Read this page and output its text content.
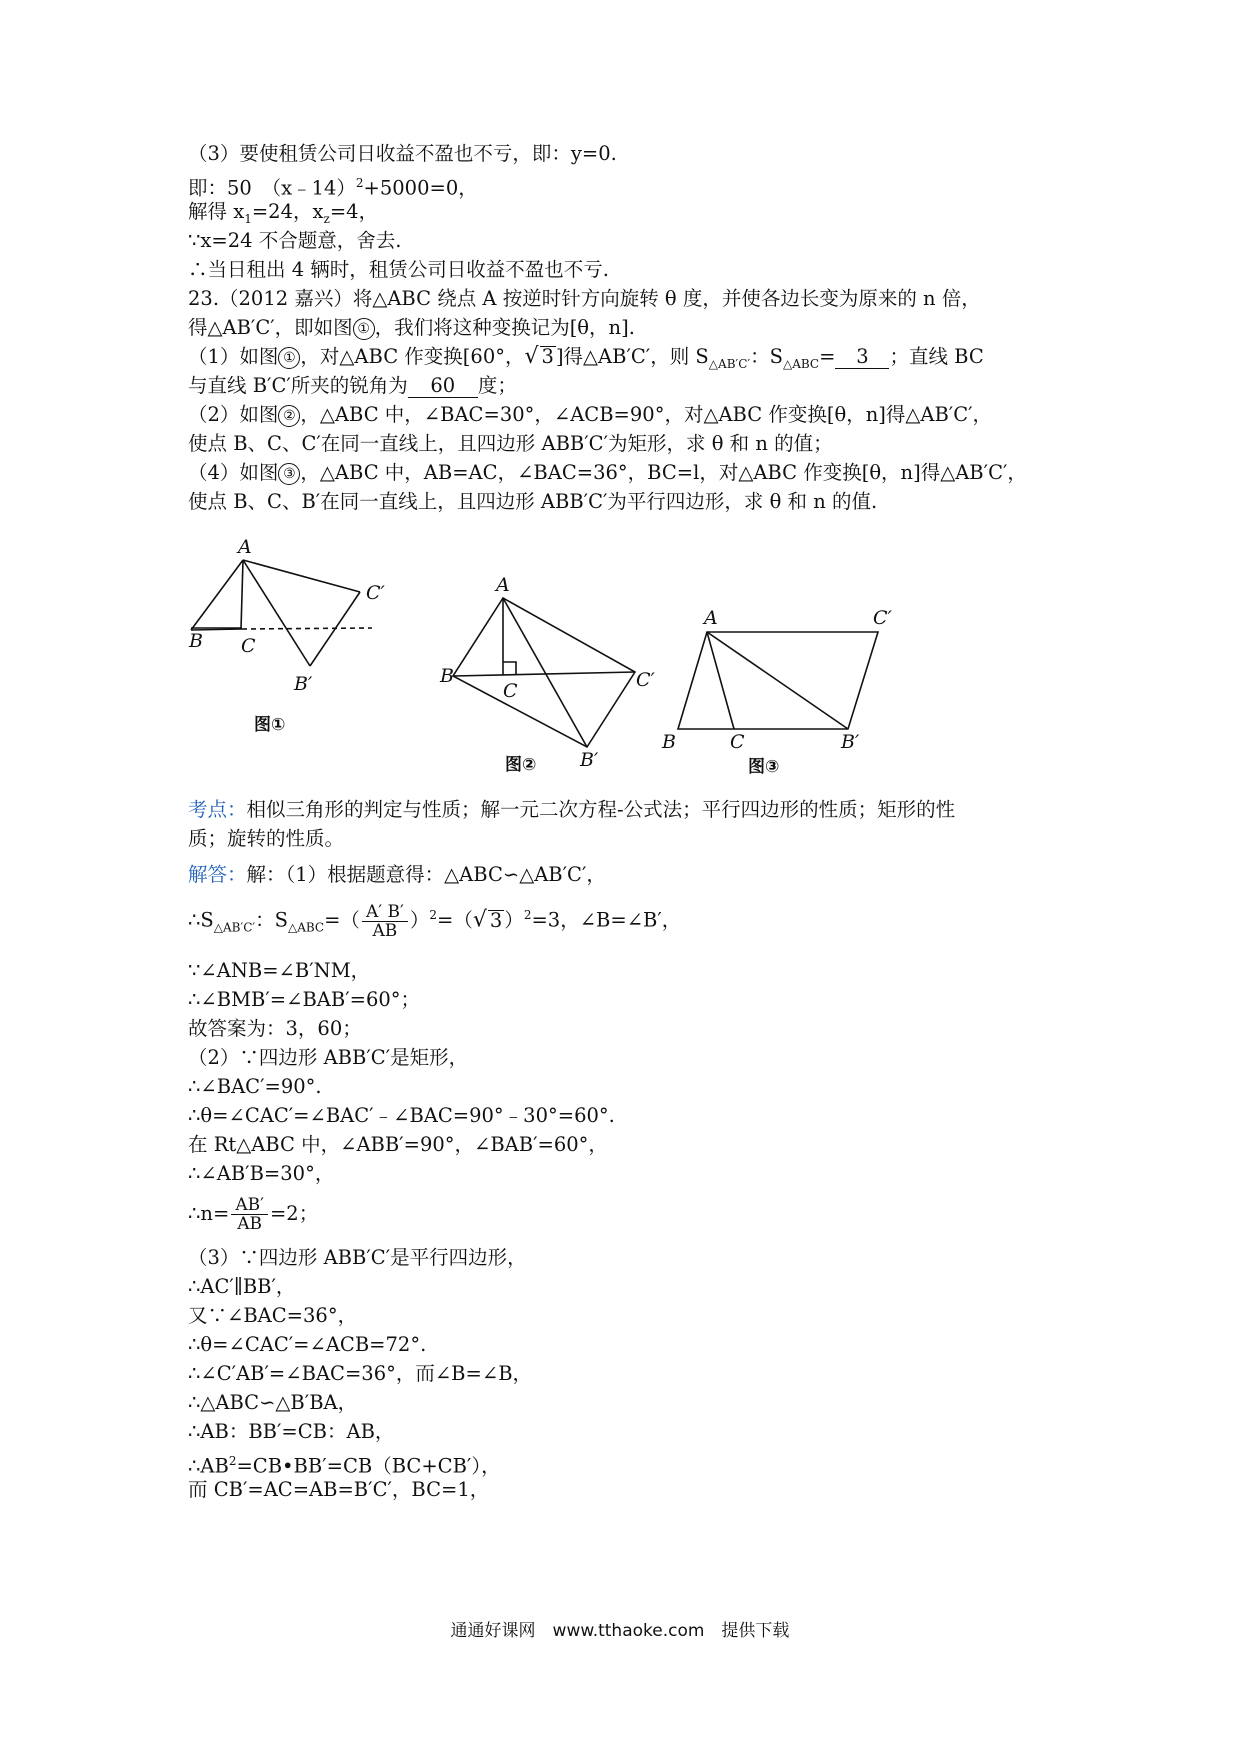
（3）要使租赁公司日收益不盈也不亏，即：y=0.
即：50　（x﹣14）$^2$+5000=0，
解得 $x_1=24$，$x_z=4$，
∵x=24 不合题意，舍去.
∴当日租出 4 辆时，租赁公司日收益不盈也不亏.
23.（2012 嘉兴）将△ABC 绕点 A 按逆时针方向旋转 θ 度，并使各边长变为原来的 n 倍，
得△AB′C′，即如图 ① ，我们将这种变换记为[θ，n].
（1）如图 ① ，对△ABC 作变换[60°，√ 3 ]得△AB′C′，则 $S_{\triangle AB'C'}$：$S_{\triangle ABC}= 3$ ；直线 BC
与直线 B′C′所夹的锐角为 60 度；
（2）如图 ② ，△ABC 中，∠BAC=30°，∠ACB=90°，对△ABC 作变换[θ，n]得△AB′C′，
使点 B、C、C′在同一直线上，且四边形 ABB′C′为矩形，求 θ 和 n 的值；
（4）如图 ③ ，△ABC 中，AB=AC，∠BAC=36°，BC=l，对△ABC 作变换[θ，n]得△AB′C′，
使点 B、C、B′在同一直线上，且四边形 ABB′C′为平行四边形，求 θ 和 n 的值.
A
B C
C′
B′
图①
A
B
C	C′
B′
图②
A	C′
B	C	B′
图③
考点：相似三角形的判定与性质；解一元二次方程-公式法；平行四边形的性质；矩形的性
质；旋转的性质。
解答：解：（1）根据题意得：△ABC∽△AB′C′，
$\therefore S_{\triangle AB'C'}$：$S_{\triangle ABC}=( \frac{A' B'}{AB} )^2=(√$ 3 ）$^2$=3，∠B=∠B′，
∵∠ANB=∠B′NM，
∴∠BMB′=∠BAB′=60°；
故答案为：3，60；
（2）∵四边形 ABB′C′是矩形，
∴∠BAC′=90°.
∴θ=∠CAC′=∠BAC′﹣∠BAC=90°﹣30°=60°.
在 Rt△ABC 中，∠ABB′=90°，∠BAB′=60°，
∴∠AB′B=30°，
∴n= $\frac{AB'}{AB} =2$；
（3）∵四边形 ABB′C′是平行四边形，
∴AC′∥BB′，
又∵∠BAC=36°，
∴θ=∠CAC′=∠ACB=72°.
∴∠C′AB′=∠BAC=36°，而∠B=∠B，
∴△ABC∽△B′BA，
∴AB：BB′=CB：AB，
$\therefore AB^2=CB•BB'=CB(BC+CB')$，
而 CB′=AC=AB=B′C′，BC=1，
通通好课网　www.tthaoke.com　提供下载
